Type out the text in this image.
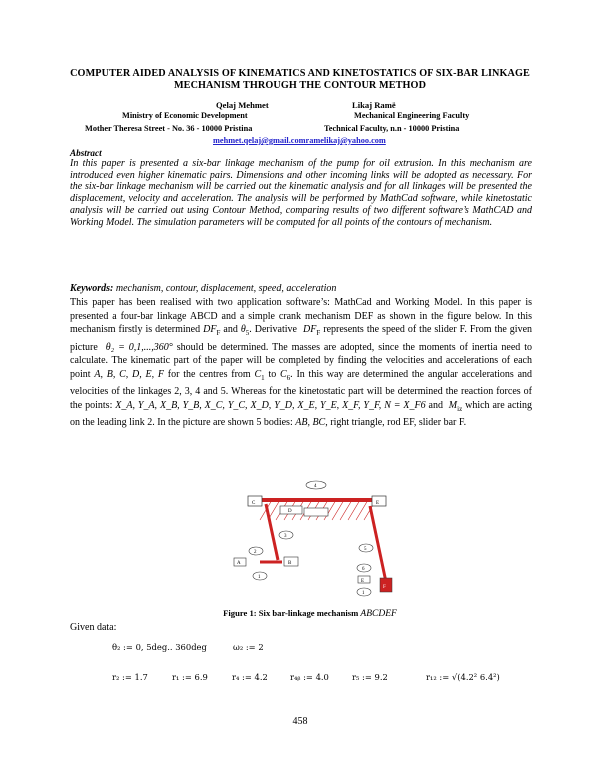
COMPUTER AIDED ANALYSIS OF KINEMATICS AND KINETOSTATICS OF SIX-BAR LINKAGE MECHANISM THROUGH THE CONTOUR METHOD
Qelaj Mehmet	Likaj Ramë
Ministry of Economic Development	Mechanical Engineering Faculty
Mother Theresa Street - No. 36 - 10000 Pristina	Technical Faculty, n.n - 10000 Pristina
mehmet.qelaj@gmail.comramelikaj@yahoo.com
Abstract
In this paper is presented a six-bar linkage mechanism of the pump for oil extrusion. In this mechanism are introduced even higher kinematic pairs. Dimensions and other incoming links will be adopted as necessary. For the six-bar linkage mechanism will be carried out the kinematic analysis and for all linkages will be presented the displacement, velocity and acceleration. The analysis will be performed by MathCad software, while kinetostatic analysis will be carried out using Contour Method, comparing results of two different software’s MathCAD and Working Model. The simulation parameters will be computed for all points of the contours of mechanism.
Keywords: mechanism, contour, displacement, speed, acceleration
This paper has been realised with two application software’s: MathCad and Working Model. In this paper is presented a four-bar linkage ABCD and a simple crank mechanism DEF as shown in the figure below. In this mechanism firstly is determined $DF_F$ and $\theta_5$. Derivative $DF_F$ represents the speed of the slider F. From the given picture θ₂ = 0,1,...,360° should be determined. The masses are adopted, since the moments of inertia need to calculate. The kinematic part of the paper will be completed by finding the velocities and accelerations of each point A, B, C, D, E, F for the centres from $C_1$ to $C_6$. In this way are determined the angular accelerations and velocities of the linkages 2, 3, 4 and 5. Whereas for the kinetostatic part will be determined the reaction forces of the points: X_A, Y_A, X_B, Y_B, X_C, Y_C, X_D, Y_D, X_E, Y_E, X_F, Y_F, N = X_F6 and $M_{iz}$ which are acting on the leading link 2. In the picture are shown 5 bodies: AB, BC, right triangle, rod EF, slider bar F.
C	E
D
4
3
5
2
A	B
1
6
E
1
F
Figure 1: Six bar-linkage mechanism ABCDEF
Given data:
θ₂ := 0, 5deg.. 360deg	ω₂ := 2
r₂ := 1.7	r₁ := 6.9	r₄ := 4.2	r₄ᵦ := 4.0	r₅ := 9.2	r₁₂ := √(4.2² 6.4²)
458
